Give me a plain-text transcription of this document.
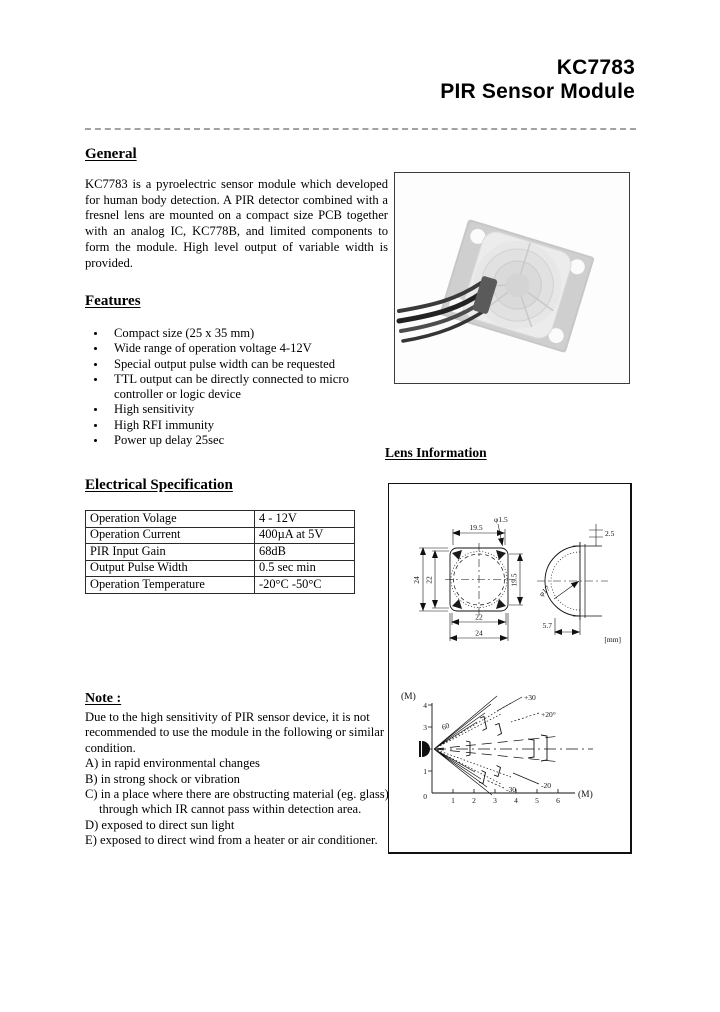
KC7783
PIR Sensor Module
General
KC7783 is a pyroelectric sensor module which developed for human body detection. A PIR detector combined with a fresnel lens are mounted on a compact size PCB together with an analog IC, KC778B, and limited components to form the module. High level output of variable width is provided.
Features
Compact size (25 x 35 mm)
Wide range of operation voltage 4-12V
Special output pulse width can be requested
TTL output can be directly connected to micro controller or logic device
High sensitivity
High RFI immunity
Power up delay 25sec
Lens Information
Electrical Specification
Operation Volage	4 - 12V
Operation Current	400µA at 5V
PIR Input Gain	68dB
Output Pulse Width	0.5 sec min
Operation Temperature	-20°C -50°C
19.5
φ1.5
24 22
22
24
19.5
2.5
φ17
5.7
[mm]
(M)
(M)
4
3
2
1
0	1 2 3 4 5 6
+30
+20°
60
-20
-30
Note :
Due to the high sensitivity of PIR sensor device, it is not recommended to use the module in the following or similar condition.
A) in rapid environmental changes
B) in strong shock or vibration
C) in a place where there are obstructing material (eg. glass) through which IR cannot pass within detection area.
D) exposed to direct sun light
E) exposed to direct wind from a heater or air conditioner.
